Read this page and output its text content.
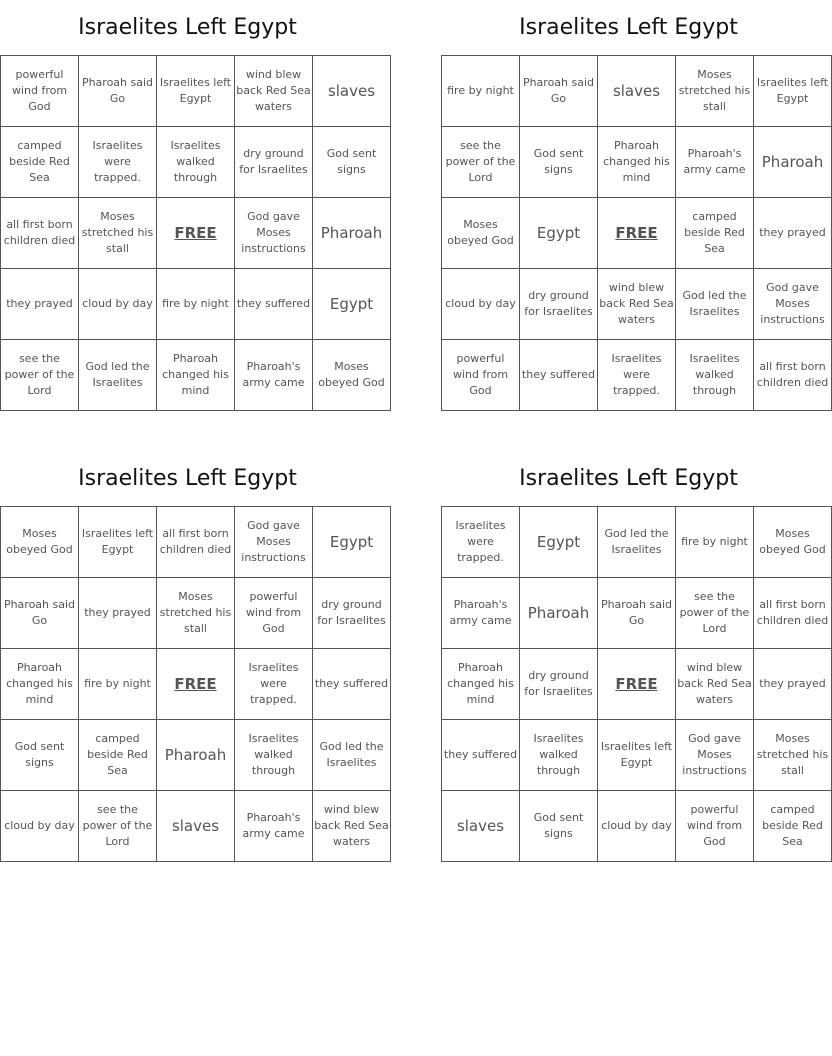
Israelites Left Egypt
powerful wind from God	Pharoah said Go	Israelites left Egypt	wind blew back Red Sea waters	slaves
camped beside Red Sea	Israelites were trapped.	Israelites walked through	dry ground for Israelites	God sent signs
all first born children died	Moses stretched his stall	FREE	God gave Moses instructions	Pharoah
they prayed	cloud by day	fire by night	they suffered	Egypt
see the power of the Lord	God led the Israelites	Pharoah changed his mind	Pharoah's army came	Moses obeyed God
Israelites Left Egypt
fire by night	Pharoah said Go	slaves	Moses stretched his stall	Israelites left Egypt
see the power of the Lord	God sent signs	Pharoah changed his mind	Pharoah's army came	Pharoah
Moses obeyed God	Egypt	FREE	camped beside Red Sea	they prayed
cloud by day	dry ground for Israelites	wind blew back Red Sea waters	God led the Israelites	God gave Moses instructions
powerful wind from God	they suffered	Israelites were trapped.	Israelites walked through	all first born children died
Israelites Left Egypt
Moses obeyed God	Israelites left Egypt	all first born children died	God gave Moses instructions	Egypt
Pharoah said Go	they prayed	Moses stretched his stall	powerful wind from God	dry ground for Israelites
Pharoah changed his mind	fire by night	FREE	Israelites were trapped.	they suffered
God sent signs	camped beside Red Sea	Pharoah	Israelites walked through	God led the Israelites
cloud by day	see the power of the Lord	slaves	Pharoah's army came	wind blew back Red Sea waters
Israelites Left Egypt
Israelites were trapped.	Egypt	God led the Israelites	fire by night	Moses obeyed God
Pharoah's army came	Pharoah	Pharoah said Go	see the power of the Lord	all first born children died
Pharoah changed his mind	dry ground for Israelites	FREE	wind blew back Red Sea waters	they prayed
they suffered	Israelites walked through	Israelites left Egypt	God gave Moses instructions	Moses stretched his stall
slaves	God sent signs	cloud by day	powerful wind from God	camped beside Red Sea
